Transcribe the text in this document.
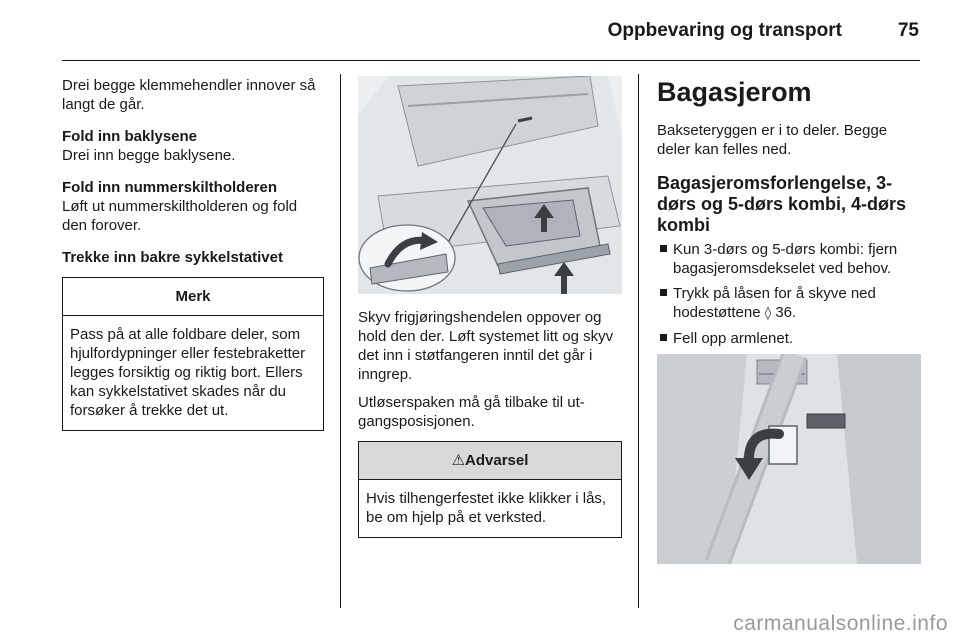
Oppbevaring og transport	75

Drei begge klemmehendler innover så langt de går.

Fold inn baklysene

Drei inn begge baklysene.

Fold inn nummerskiltholderen

Løft ut nummerskiltholderen og fold den forover.

Trekke inn bakre sykkelstativet

Merk
Pass på at alle foldbare deler, som hjulfordypninger eller festebraketter legges forsiktig og riktig bort. Ellers kan sykkelstativet skades når du forsøker å trekke det ut.

Skyv frigjøringshendelen oppover og hold den der. Løft systemet litt og skyv det inn i støtfangeren inntil det går i inngrep.

Utløserspaken må gå tilbake til utgangsposisjonen.

⚠Advarsel
Hvis tilhengerfestet ikke klikker i lås, be om hjelp på et verksted.
Bagasjerom

Bakseteryggen er i to deler. Begge deler kan felles ned.

Bagasjeromsforlengelse, 3-dørs og 5-dørs kombi, 4-dørs kombi
Kun 3-dørs og 5-dørs kombi: fjern bagasjeromsdekselet ved behov.
Trykk på låsen for å skyve ned hodestøttene ◊ 36.
Fell opp armlenet.
carmanualsonline.info
